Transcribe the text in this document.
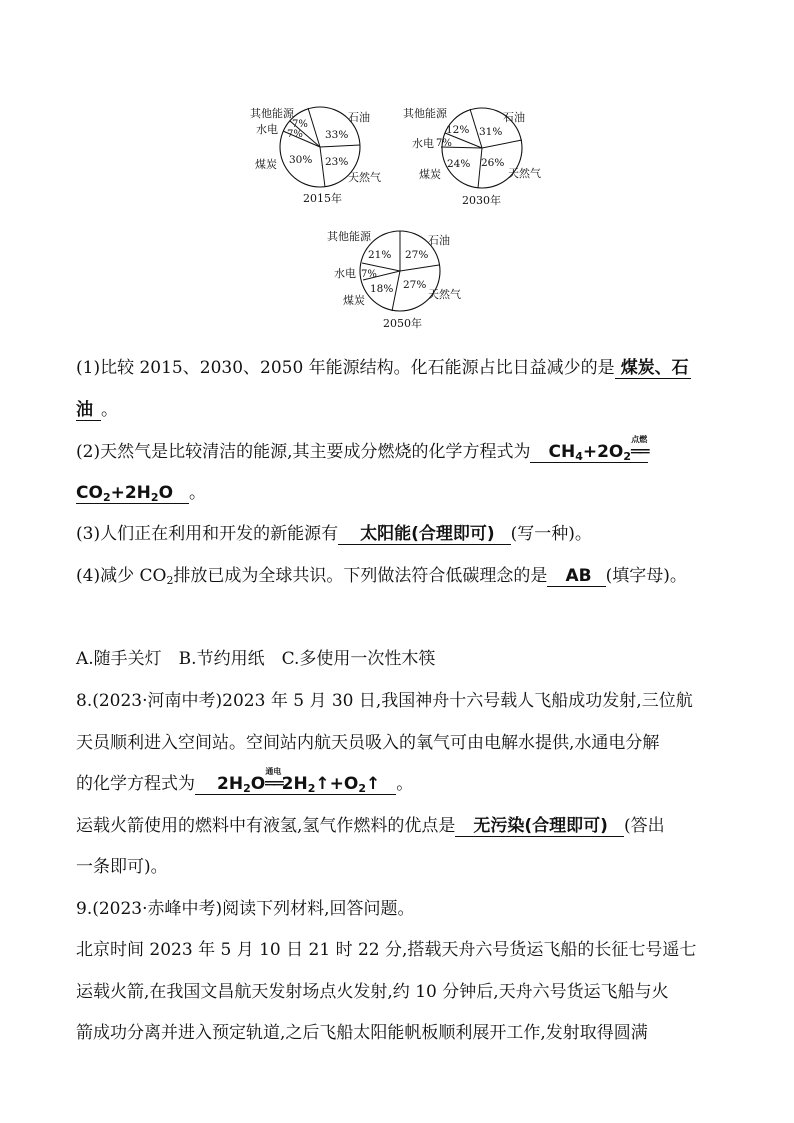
其他能源	石油
水电
煤炭
天然气
7%
7% 33%
30% 23%
2015年
其他能源	石油
水电
煤炭	天然气
12%
7%
31%
24% 26%
2030年
其他能源	石油
水电
煤炭	天然气
21%
7%
27%
18% 27%
2050年
(1)比较 2015、2030、2050 年能源结构。化石能源占比日益减少的是 煤炭、石
油 。
(2)天然气是比较清洁的能源,其主要成分燃烧的化学方程式为 $CH_4+2O_2$
点燃
══
$CO_2+2H_2O$ 。
(3)人们正在利用和开发的新能源有 太阳能(合理即可) (写一种)。
(4)减少 $CO_2$排放已成为全球共识。下列做法符合低碳理念的是 AB (填字母)。
A.随手关灯　B.节约用纸　C.多使用一次性木筷
8.(2023·河南中考)2023 年 5 月 30 日,我国神舟十六号载人飞船成功发射,三位航
天员顺利进入空间站。空间站内航天员吸入的氧气可由电解水提供,水通电分解
的化学方程式为 $2H_2O$
通电
$══2H_2↑+O_2↑$ 。
运载火箭使用的燃料中有液氢,氢气作燃料的优点是 无污染(合理即可) (答出
一条即可)。
9.(2023·赤峰中考)阅读下列材料,回答问题。
北京时间 2023 年 5 月 10 日 21 时 22 分,搭载天舟六号货运飞船的长征七号遥七
运载火箭,在我国文昌航天发射场点火发射,约 10 分钟后,天舟六号货运飞船与火
箭成功分离并进入预定轨道,之后飞船太阳能帆板顺利展开工作,发射取得圆满
